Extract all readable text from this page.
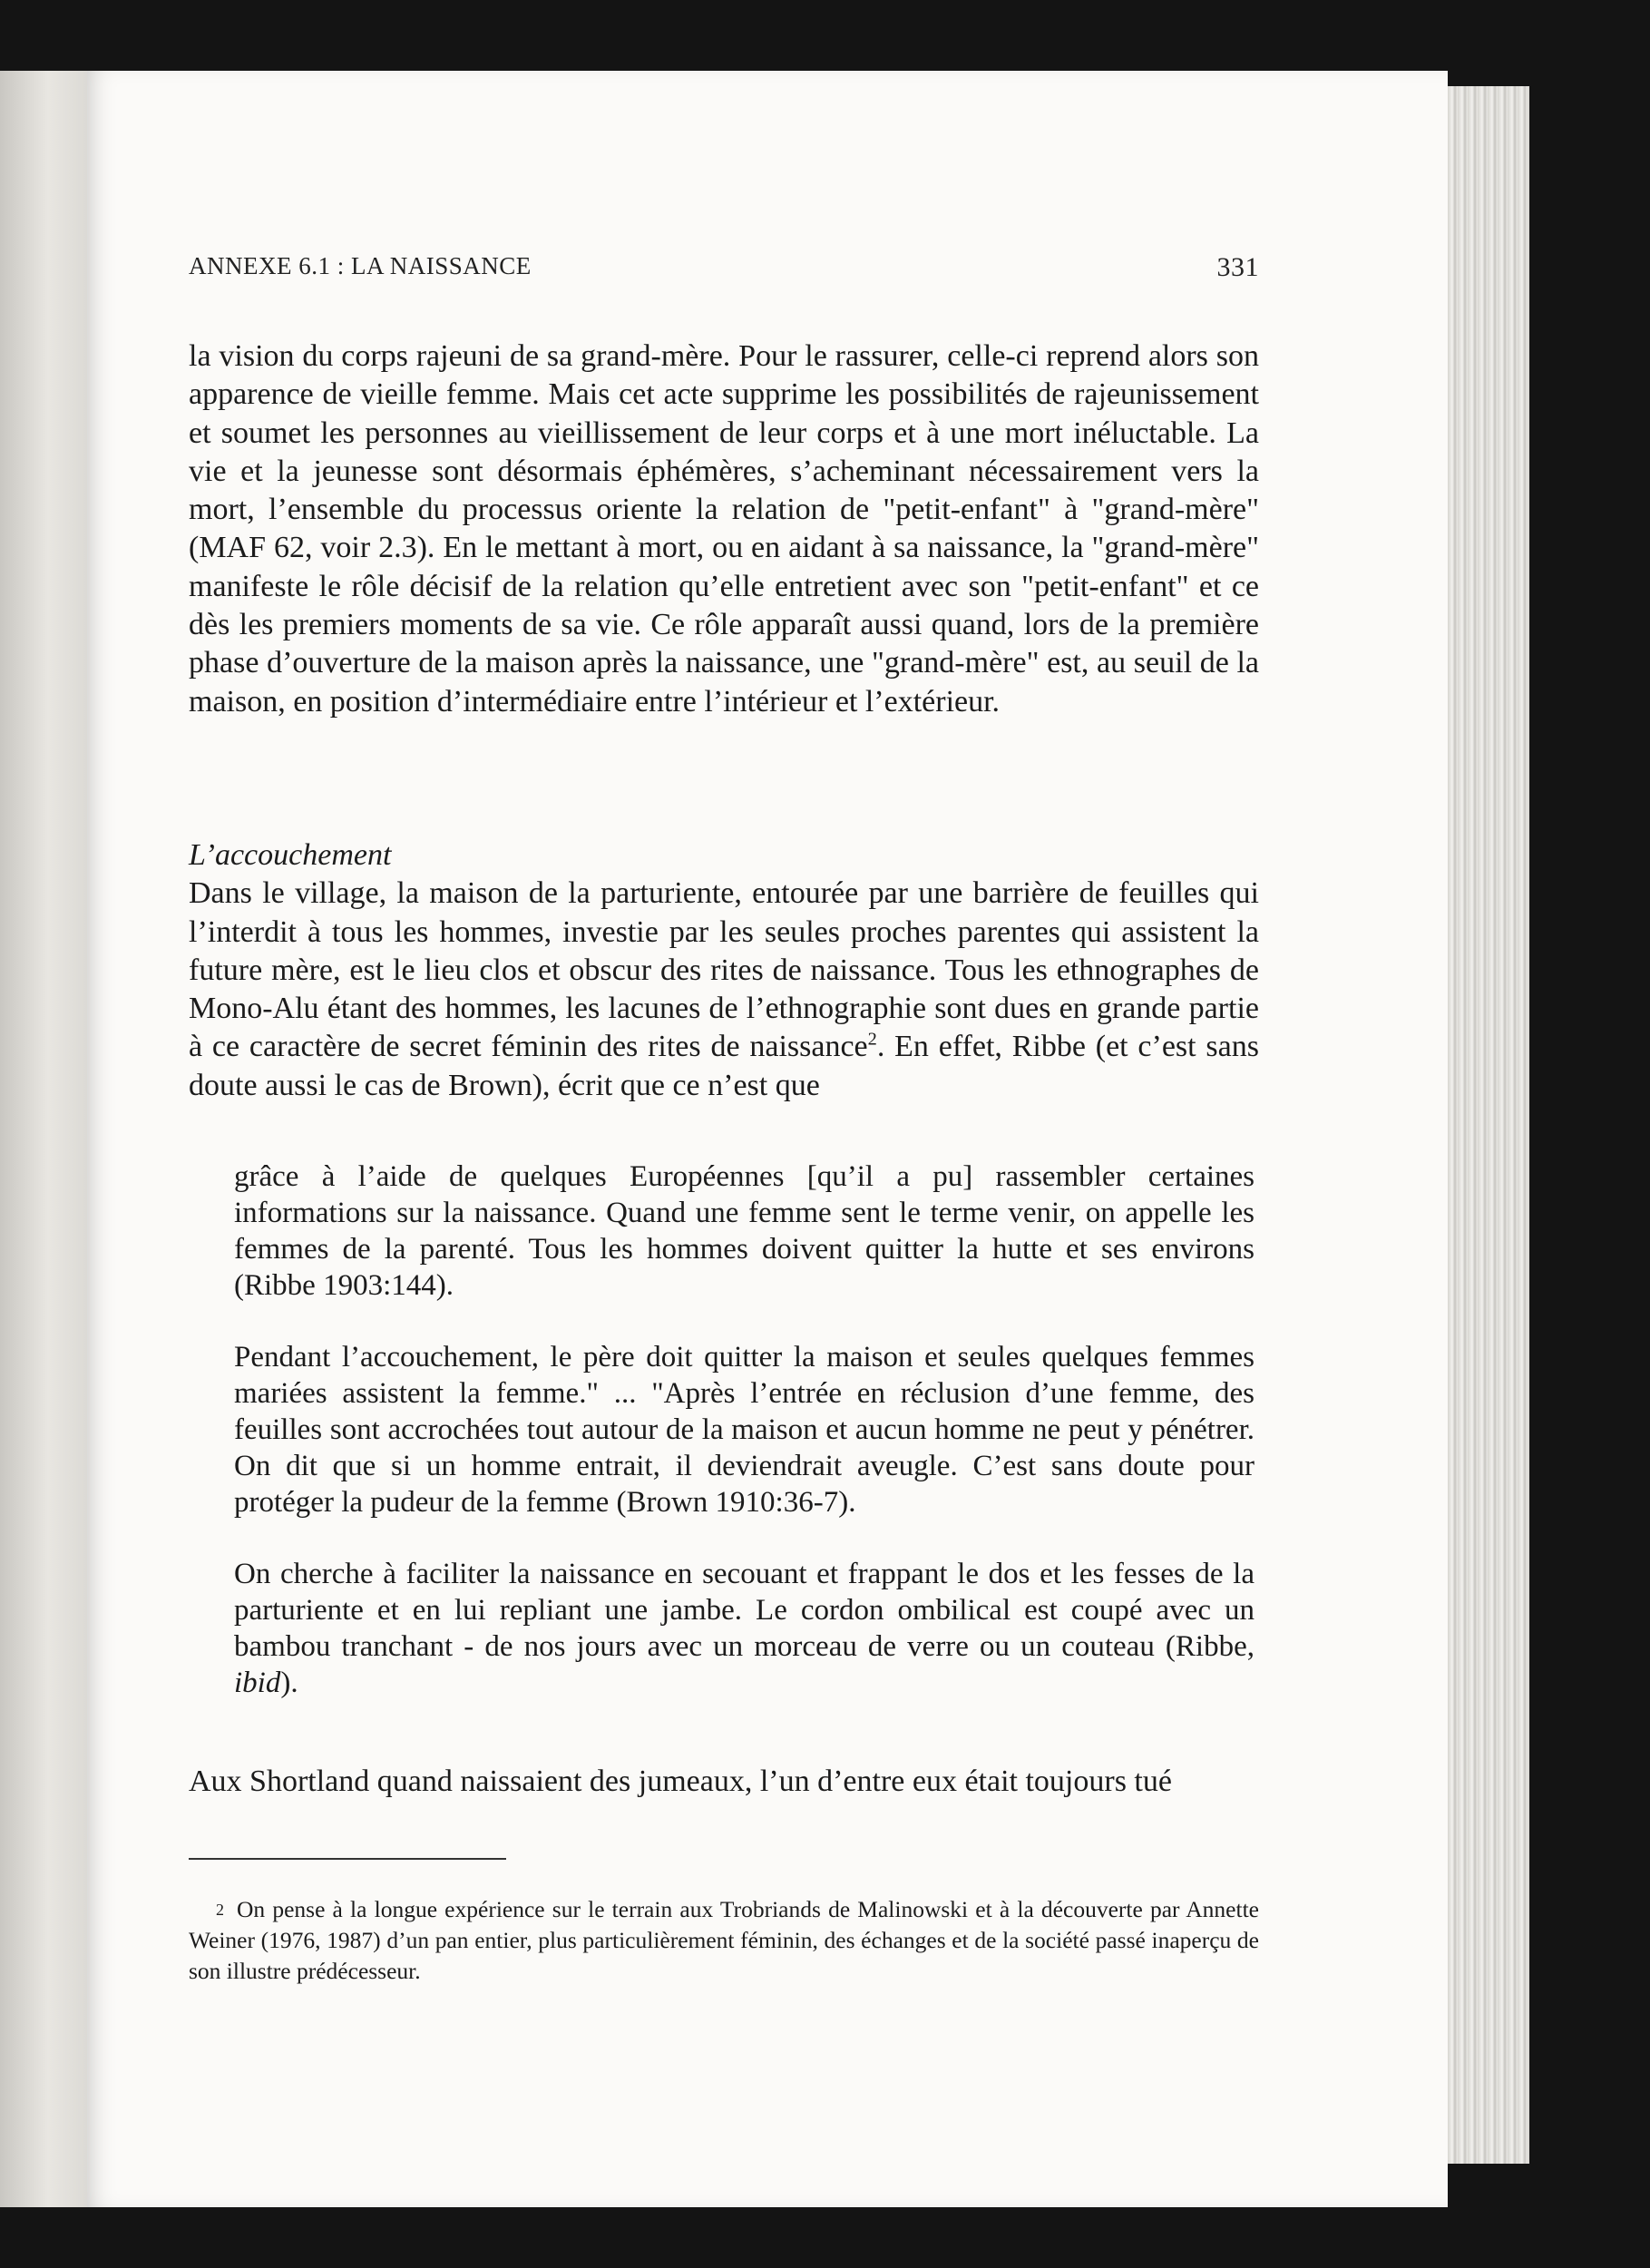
ANNEXE 6.1 : LA NAISSANCE	331

la vision du corps rajeuni de sa grand-mère. Pour le rassurer, celle-ci reprend alors son apparence de vieille femme. Mais cet acte supprime les possibilités de rajeunissement et soumet les personnes au vieillissement de leur corps et à une mort inéluctable. La vie et la jeunesse sont désormais éphémères, s’acheminant nécessairement vers la mort, l’ensemble du processus oriente la relation de "petit-enfant" à "grand-mère" (MAF 62, voir 2.3). En le mettant à mort, ou en aidant à sa naissance, la "grand-mère" manifeste le rôle décisif de la relation qu’elle entretient avec son "petit-enfant" et ce dès les premiers moments de sa vie. Ce rôle apparaît aussi quand, lors de la première phase d’ouverture de la maison après la naissance, une "grand-mère" est, au seuil de la maison, en position d’intermédiaire entre l’intérieur et l’extérieur.

L’accouchement

Dans le village, la maison de la parturiente, entourée par une barrière de feuilles qui l’interdit à tous les hommes, investie par les seules proches parentes qui assistent la future mère, est le lieu clos et obscur des rites de naissance. Tous les ethnographes de Mono-Alu étant des hommes, les lacunes de l’ethnographie sont dues en grande partie à ce caractère de secret féminin des rites de naissance$^2$. En effet, Ribbe (et c’est sans doute aussi le cas de Brown), écrit que ce n’est que

grâce à l’aide de quelques Européennes [qu’il a pu] rassembler certaines informations sur la naissance. Quand une femme sent le terme venir, on appelle les femmes de la parenté. Tous les hommes doivent quitter la hutte et ses environs (Ribbe 1903:144).

Pendant l’accouchement, le père doit quitter la maison et seules quelques femmes mariées assistent la femme." ... "Après l’entrée en réclusion d’une femme, des feuilles sont accrochées tout autour de la maison et aucun homme ne peut y pénétrer. On dit que si un homme entrait, il deviendrait aveugle. C’est sans doute pour protéger la pudeur de la femme (Brown 1910:36-7).

On cherche à faciliter la naissance en secouant et frappant le dos et les fesses de la parturiente et en lui repliant une jambe. Le cordon ombilical est coupé avec un bambou tranchant - de nos jours avec un morceau de verre ou un couteau (Ribbe, ibid).

Aux Shortland quand naissaient des jumeaux, l’un d’entre eux était toujours tué

$^2$ On pense à la longue expérience sur le terrain aux Trobriands de Malinowski et à la découverte par Annette Weiner (1976, 1987) d’un pan entier, plus particulièrement féminin, des échanges et de la société passé inaperçu de son illustre prédécesseur.
